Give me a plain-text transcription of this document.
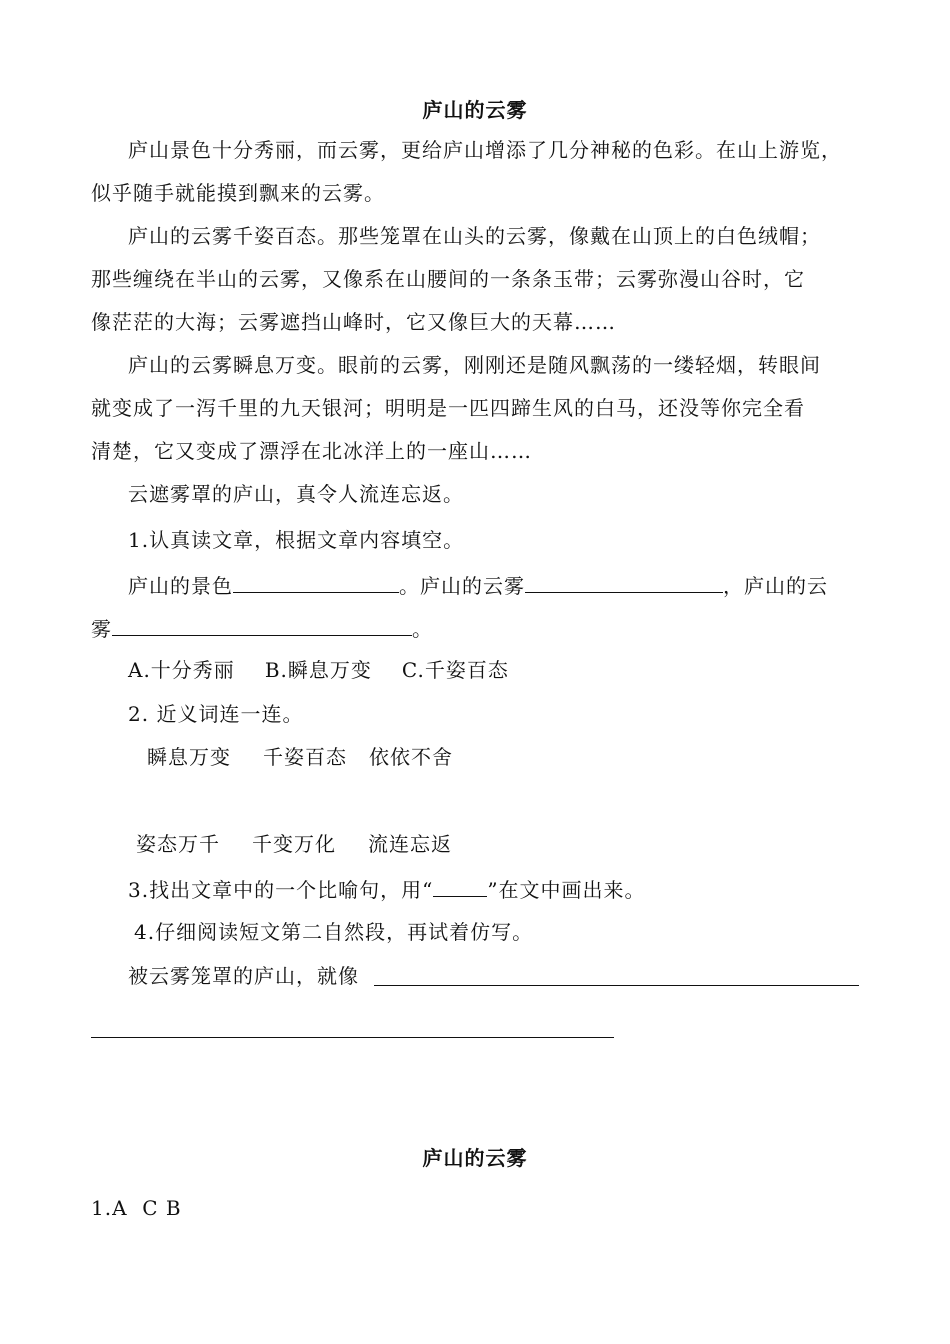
庐山的云雾
庐山景色十分秀丽，而云雾，更给庐山增添了几分神秘的色彩。在山上游览，
似乎随手就能摸到飘来的云雾。
庐山的云雾千姿百态。那些笼罩在山头的云雾，像戴在山顶上的白色绒帽；
那些缠绕在半山的云雾，又像系在山腰间的一条条玉带；云雾弥漫山谷时，它
像茫茫的大海；云雾遮挡山峰时，它又像巨大的天幕……
庐山的云雾瞬息万变。眼前的云雾，刚刚还是随风飘荡的一缕轻烟，转眼间
就变成了一泻千里的九天银河；明明是一匹四蹄生风的白马，还没等你完全看
清楚，它又变成了漂浮在北冰洋上的一座山……
云遮雾罩的庐山，真令人流连忘返。
1.认真读文章，根据文章内容填空。
庐山的景色	。庐山的云雾	，庐山的云
雾	。
A.十分秀丽 B.瞬息万变 C.千姿百态
2. 近义词连一连。
瞬息万变 千姿百态 依依不舍
姿态万千 千变万化 流连忘返
3.找出文章中的一个比喻句，用“	”在文中画出来。
4.仔细阅读短文第二自然段，再试着仿写。
被云雾笼罩的庐山，就像
庐山的云雾
1.A  C B
